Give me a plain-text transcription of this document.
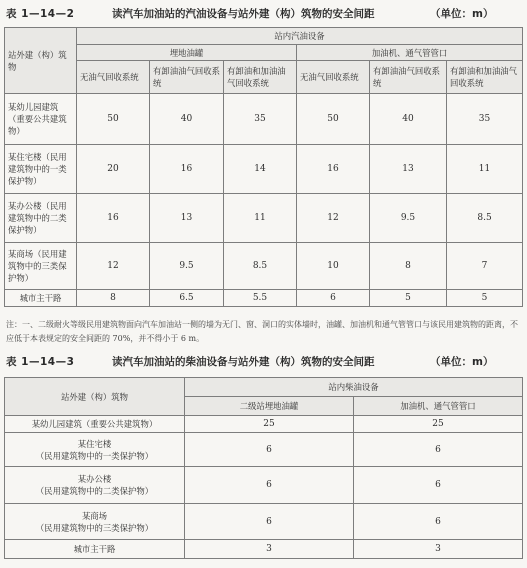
表 1—14—2	读汽车加油站的汽油设备与站外建（构）筑物的安全间距	（单位：m）
站外建（构）筑物	站内汽油设备					
	埋地油罐			加油机、通气管管口		
	无油气回收系统	有卸油油气回收系统	有卸油和加油油气回收系统	无油气回收系统	有卸油油气回收系统	有卸油和加油油气回收系统
某幼儿园建筑（重要公共建筑物）	50	40	35	50	40	35
某住宅楼（民用建筑物中的一类保护物）	20	16	14	16	13	11
某办公楼（民用建筑物中的二类保护物）	16	13	11	12	9.5	8.5
某商场（民用建筑物中的三类保护物）	12	9.5	8.5	10	8	7
城市主干路	8	6.5	5.5	6	5	5
注：一、二级耐火等级民用建筑物面向汽车加油站一侧的墙为无门、窗、洞口的实体墙时，油罐、加油机和通气管管口与该民用建筑物的距离，不应低于本表规定的安全间距的 70%，并不得小于 6 m。
表 1—14—3	读汽车加油站的柴油设备与站外建（构）筑物的安全间距	（单位：m）
站外建（构）筑物	站内柴油设备	
	二级站埋地油罐	加油机、通气管管口
某幼儿园建筑（重要公共建筑物）	25	25

某住宅楼
（民用建筑物中的一类保护物）	6	6

某办公楼
（民用建筑物中的二类保护物）	6	6

某商场
（民用建筑物中的三类保护物）	6	6
城市主干路	3	3
